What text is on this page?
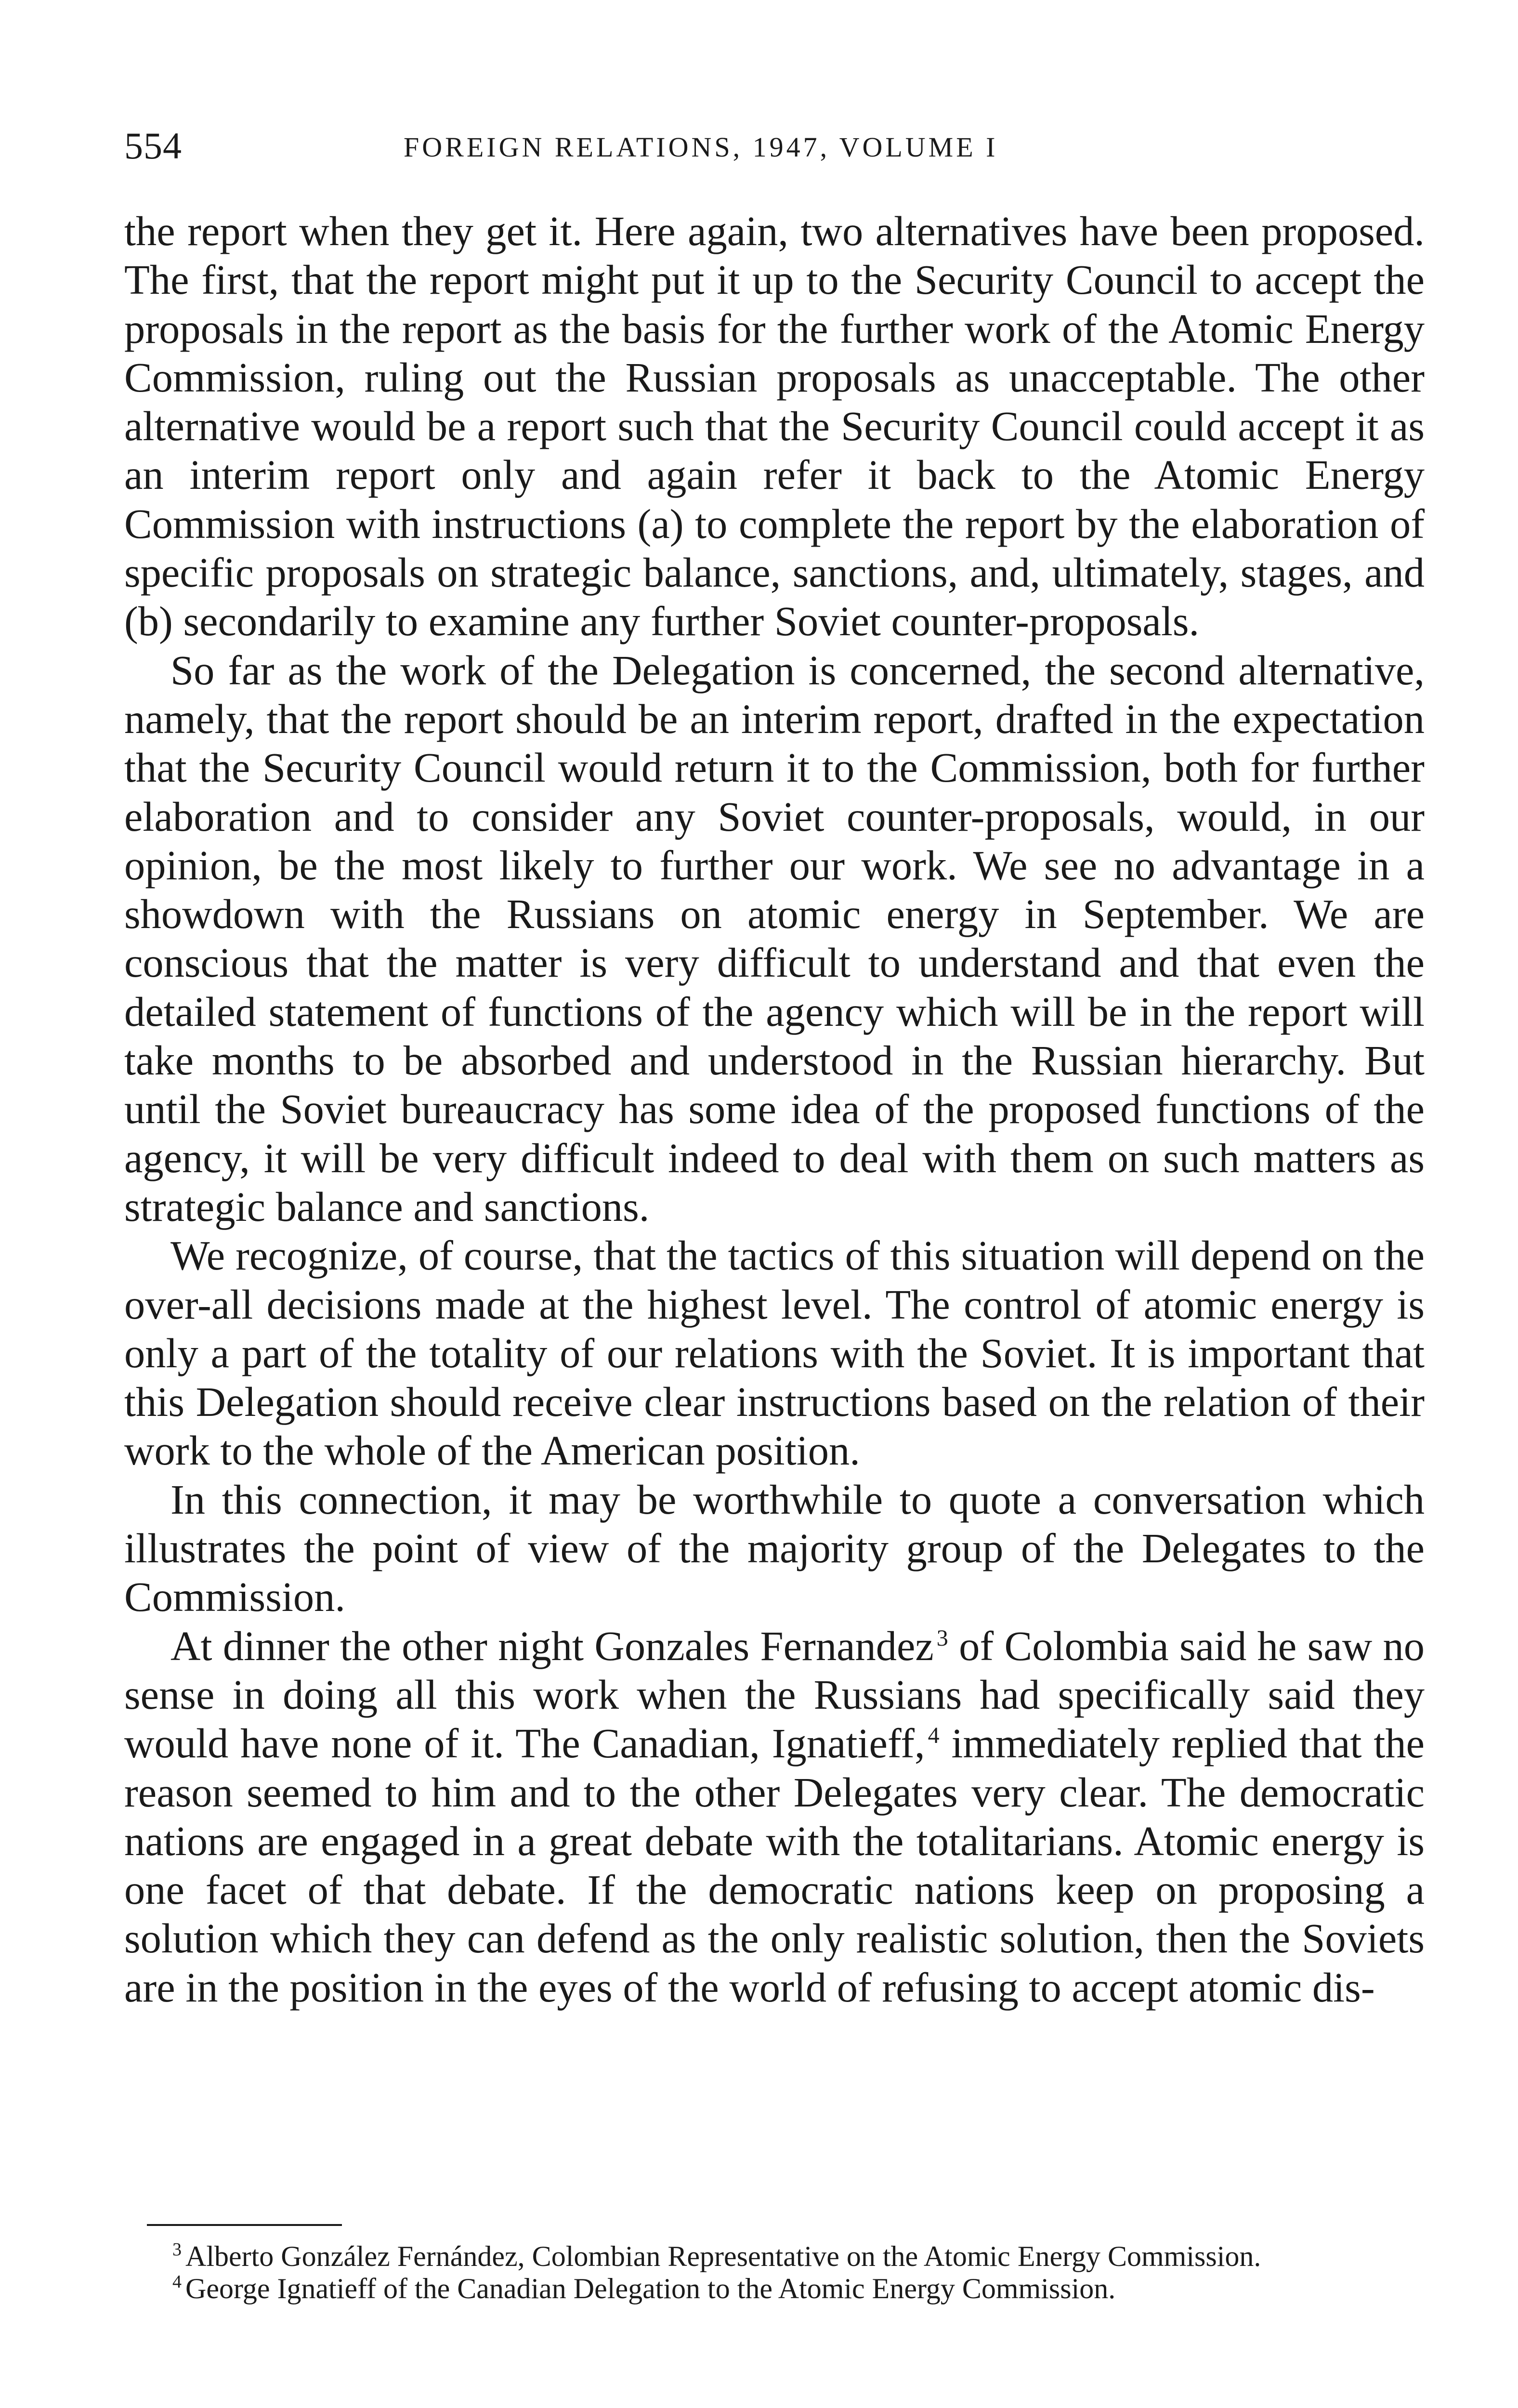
554	FOREIGN RELATIONS, 1947, VOLUME I

the report when they get it. Here again, two alternatives have been proposed. The first, that the report might put it up to the Security Council to accept the proposals in the report as the basis for the further work of the Atomic Energy Commission, ruling out the Russian proposals as unacceptable. The other alternative would be a report such that the Security Council could accept it as an interim report only and again refer it back to the Atomic Energy Commission with instructions (a) to complete the report by the elaboration of specific proposals on strategic balance, sanctions, and, ultimately, stages, and (b) secondarily to examine any further Soviet counter-proposals.

So far as the work of the Delegation is concerned, the second alternative, namely, that the report should be an interim report, drafted in the expectation that the Security Council would return it to the Commission, both for further elaboration and to consider any Soviet counter-proposals, would, in our opinion, be the most likely to further our work. We see no advantage in a showdown with the Russians on atomic energy in September. We are conscious that the matter is very difficult to understand and that even the detailed statement of functions of the agency which will be in the report will take months to be absorbed and understood in the Russian hierarchy. But until the Soviet bureaucracy has some idea of the proposed functions of the agency, it will be very difficult indeed to deal with them on such matters as strategic balance and sanctions.

We recognize, of course, that the tactics of this situation will depend on the over-all decisions made at the highest level. The control of atomic energy is only a part of the totality of our relations with the Soviet. It is important that this Delegation should receive clear instructions based on the relation of their work to the whole of the American position.

In this connection, it may be worthwhile to quote a conversation which illustrates the point of view of the majority group of the Delegates to the Commission.

At dinner the other night Gonzales Fernandez $^3$ of Colombia said he saw no sense in doing all this work when the Russians had specifically said they would have none of it. The Canadian, Ignatieff, $^4$ immediately replied that the reason seemed to him and to the other Delegates very clear. The democratic nations are engaged in a great debate with the totalitarians. Atomic energy is one facet of that debate. If the democratic nations keep on proposing a solution which they can defend as the only realistic solution, then the Soviets are in the position in the eyes of the world of refusing to accept atomic dis-

$^3$ Alberto González Fernández, Colombian Representative on the Atomic Energy Commission.

$^4$ George Ignatieff of the Canadian Delegation to the Atomic Energy Commission.
